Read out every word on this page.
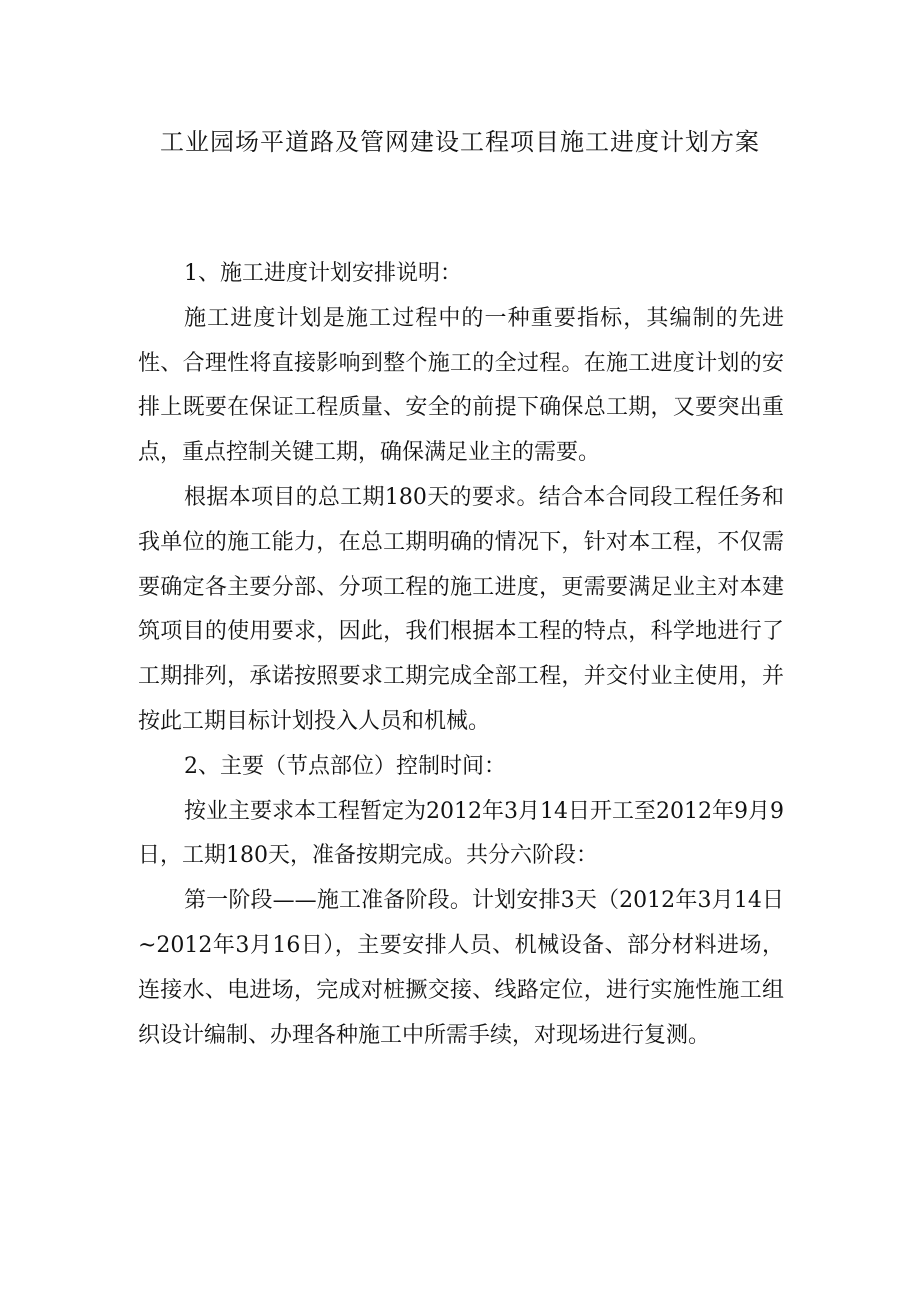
工业园场平道路及管网建设工程项目施工进度计划方案

1、施工进度计划安排说明：

施工进度计划是施工过程中的一种重要指标，其编制的先进性、合理性将直接影响到整个施工的全过程。在施工进度计划的安排上既要在保证工程质量、安全的前提下确保总工期，又要突出重点，重点控制关键工期，确保满足业主的需要。

根据本项目的总工期180天的要求。结合本合同段工程任务和我单位的施工能力，在总工期明确的情况下，针对本工程，不仅需要确定各主要分部、分项工程的施工进度，更需要满足业主对本建筑项目的使用要求，因此，我们根据本工程的特点，科学地进行了工期排列，承诺按照要求工期完成全部工程，并交付业主使用，并按此工期目标计划投入人员和机械。

2、主要（节点部位）控制时间：

按业主要求本工程暂定为2012年3月14日开工至2012年9月9日，工期180天，准备按期完成。共分六阶段：

第一阶段——施工准备阶段。计划安排3天（2012年3月14日~2012年3月16日），主要安排人员、机械设备、部分材料进场，连接水、电进场，完成对桩撅交接、线路定位，进行实施性施工组织设计编制、办理各种施工中所需手续，对现场进行复测。
